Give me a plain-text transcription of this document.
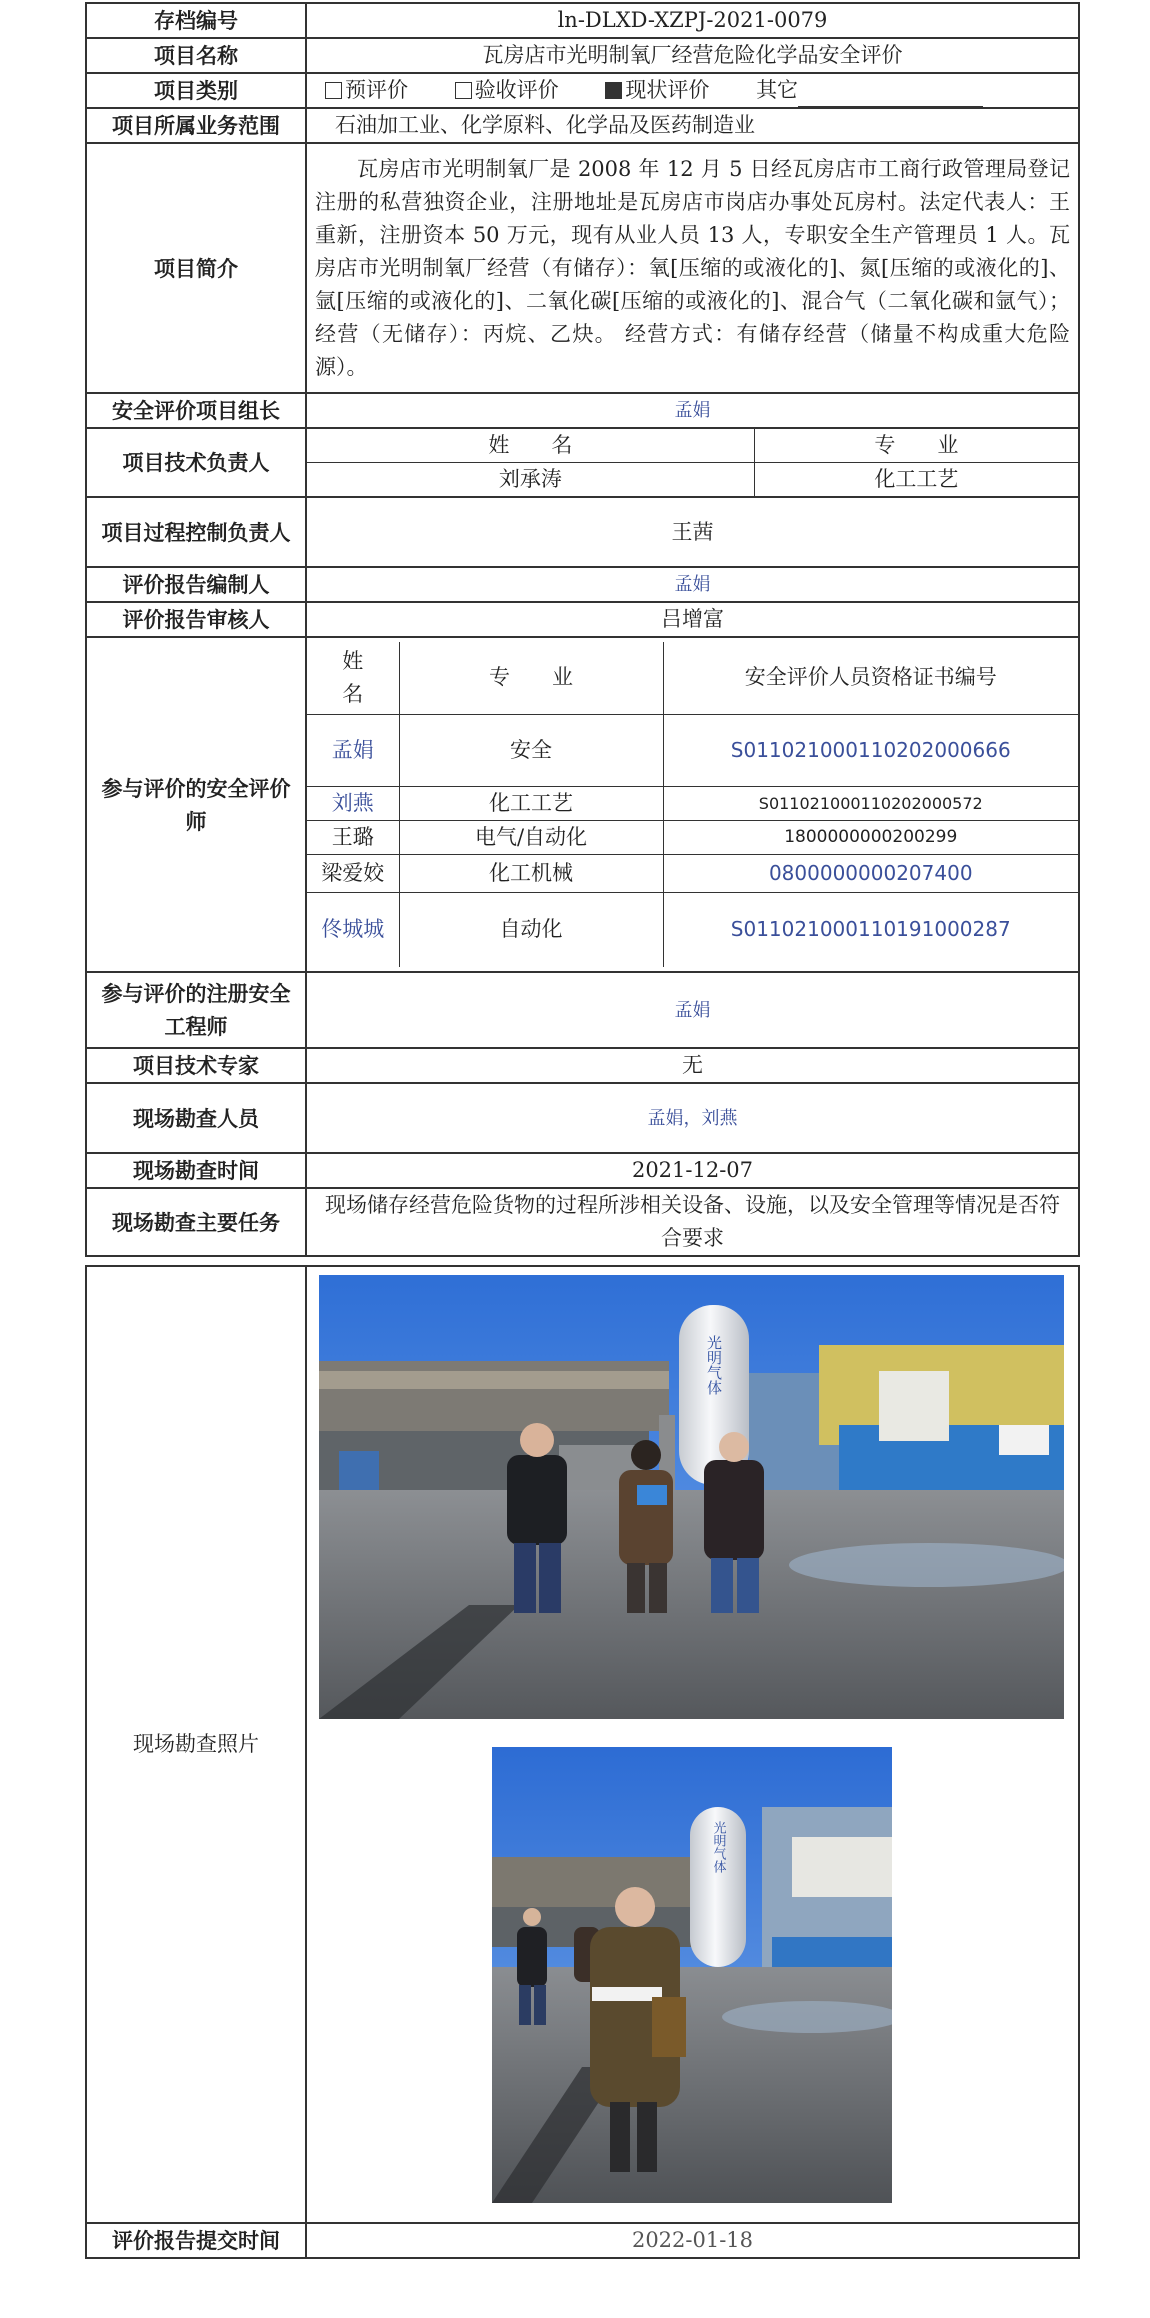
存档编号	ln-DLXD-XZPJ-2021-0079
项目名称	瓦房店市光明制氧厂经营危险化学品安全评价
项目类别	预评价	验收评价	现状评价 其它
项目所属业务范围	石油加工业、化学原料、化学品及医药制造业
项目简介	瓦房店市光明制氧厂是 2008 年 12 月 5 日经瓦房店市工商行政管理局登记注册的私营独资企业，注册地址是瓦房店市岗店办事处瓦房村。法定代表人：王重新，注册资本 50 万元，现有从业人员 13 人，专职安全生产管理员 1 人。瓦房店市光明制氧厂经营（有储存）：氧[压缩的或液化的]、氮[压缩的或液化的]、氩[压缩的或液化的]、二氧化碳[压缩的或液化的]、混合气（二氧化碳和氩气）；经营（无储存）：丙烷、乙炔。 经营方式：有储存经营（储量不构成重大危险源）。
安全评价项目组长	孟娟
项目技术负责人	
姓　　名	专　　业
刘承涛	化工工艺

项目过程控制负责人	王茜
评价报告编制人	孟娟
评价报告审核人	吕增富
参与评价的安全评价师	
姓　　名	专　　业	安全评价人员资格证书编号
孟娟	安全	S011021000110202000666
刘燕	化工工艺	S011021000110202000572
王璐	电气/自动化	1800000000200299
梁爱姣	化工机械	0800000000207400
佟城城	自动化	S011021000110191000287

参与评价的注册安全工程师	孟娟
项目技术专家	无
现场勘查人员	孟娟，刘燕
现场勘查时间	2021-12-07
现场勘查主要任务	现场储存经营危险货物的过程所涉相关设备、设施，以及安全管理等情况是否符合要求

现场勘查照片	
光明气体
光明气体

评价报告提交时间	2022-01-18
